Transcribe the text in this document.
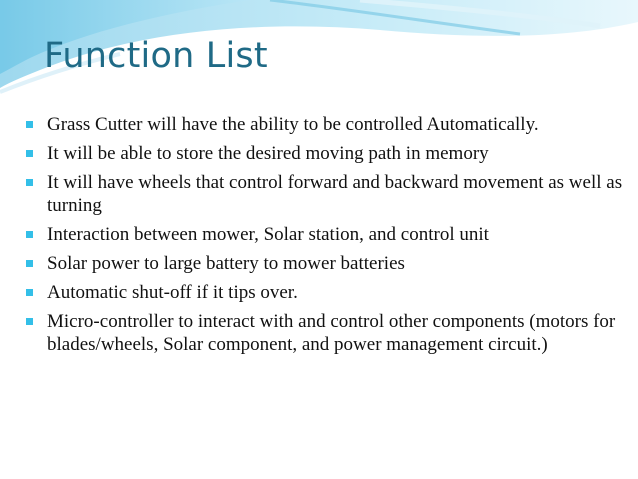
Function List
Grass Cutter will have the ability to be controlled Automatically.
It will be able to store the desired moving path in memory
It will have wheels that control forward and backward movement as well as turning
Interaction between mower, Solar station, and control unit
Solar power to large battery to mower batteries
Automatic shut-off if it tips over.
Micro-controller to interact with and control other components (motors for blades/wheels, Solar component, and power management circuit.)
